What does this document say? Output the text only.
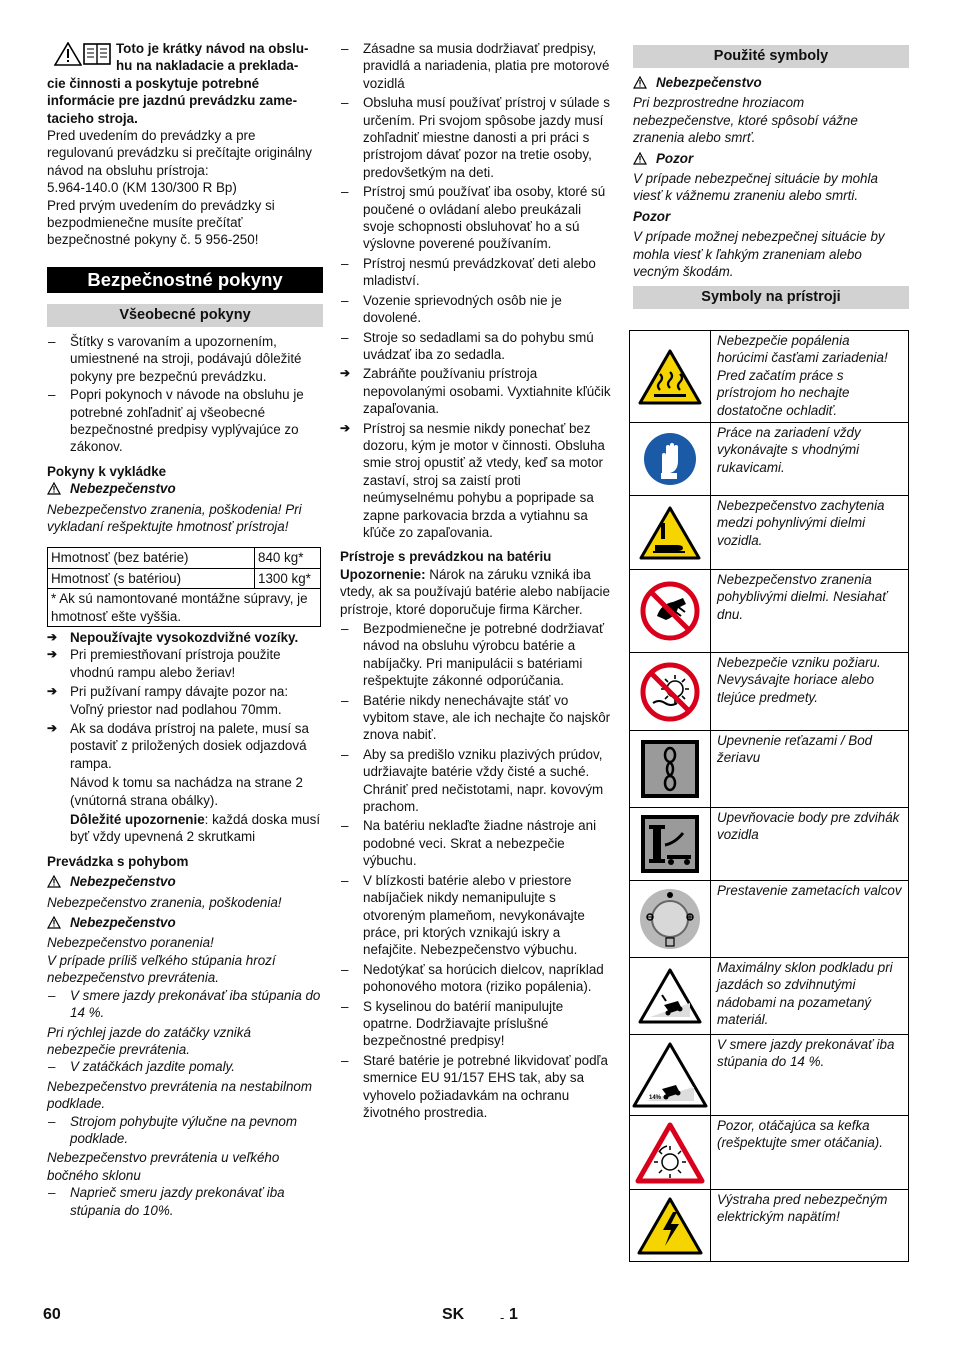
Toto je krátky návod na obslu-

hu na nakladacie a preklada-

cie činnosti a poskytuje potrebné

informácie pre jazdnú prevádzku zame-

tacieho stroja.

Pred uvedením do prevádzky a pre regulovanú prevádzku si prečítajte originálny návod na obsluhu prístroja:

5.964-140.0 (KM 130/300 R Bp)

Pred prvým uvedením do prevádzky si bezpodmienečne musíte prečítať bezpečnostné pokyny č. 5 956-250!

Bezpečnostné pokyny
Všeobecné pokyny
– Štítky s varovaním a upozornením, umiestnené na stroji, podávajú dôležité pokyny pre bezpečnú prevádzku.
– Popri pokynoch v návode na obsluhu je potrebné zohľadniť aj všeobecné bezpečnostné predpisy vyplývajúce zo zákonov.

Pokyny k vykládke

Nebezpečenstvo

Nebezpečenstvo zranenia, poškodenia! Pri vykladaní rešpektujte hmotnosť prístroja!

Hmotnosť (bez batérie)	840 kg*
Hmotnosť (s batériou)	1300 kg*
* Ak sú namontované montážne súpravy, je hmotnosť ešte vyššia.	
➔ Nepoužívajte vysokozdvižné vozíky.
➔ Pri premiestňovaní prístroja použite vhodnú rampu alebo žeriav!
➔ Pri pužívaní rampy dávajte pozor na: Voľný priestor nad podlahou 70mm.
➔ Ak sa dodáva prístroj na palete, musí sa postaviť z priložených dosiek odjazdová rampa.

Návod k tomu sa nachádza na strane 2 (vnútorná strana obálky).

Dôležité upozornenie: každá doska musí byť vždy upevnená 2 skrutkami

Prevádzka s pohybom

Nebezpečenstvo

Nebezpečenstvo zranenia, poškodenia!

Nebezpečenstvo

Nebezpečenstvo poranenia!

V prípade príliš veľkého stúpania hrozí nebezpečenstvo prevrátenia.

– V smere jazdy prekonávať iba stúpania do 14 %.

Pri rýchlej jazde do zatáčky vzniká nebezpečie prevrátenia.

– V zatáčkách jazdite pomaly.

Nebezpečenstvo prevrátenia na nestabilnom podklade.

– Strojom pohybujte výlučne na pevnom podklade.

Nebezpečenstvo prevrátenia u veľkého bočného sklonu

– Naprieč smeru jazdy prekonávať iba stúpania do 10%.
– Zásadne sa musia dodržiavať predpisy, pravidlá a nariadenia, platia pre motorové vozidlá
– Obsluha musí používať prístroj v súlade s určením. Pri svojom spôsobe jazdy musí zohľadniť miestne danosti a pri práci s prístrojom dávať pozor na tretie osoby, predovšetkým na deti.
– Prístroj smú používať iba osoby, ktoré sú poučené o ovládaní alebo preukázali svoje schopnosti obsluhovať ho a sú výslovne poverené používaním.
– Prístroj nesmú prevádzkovať deti alebo mladiství.
– Vozenie sprievodných osôb nie je dovolené.
– Stroje so sedadlami sa do pohybu smú uvádzať iba zo sedadla.
➔ Zabráňte používaniu prístroja nepovolanými osobami. Vyxtiahnite kľúčik zapaľovania.
➔ Prístroj sa nesmie nikdy ponechať bez dozoru, kým je motor v činnosti. Obsluha smie stroj opustiť až vtedy, keď sa motor zastaví, stroj sa zaistí proti neúmyselnému pohybu a popripade sa zapne parkovacia brzda a vytiahnu sa kľúče zo zapaľovania.

Prístroje s prevádzkou na batériu

Upozornenie: Nárok na záruku vzniká iba vtedy, ak sa používajú batérie alebo nabíjacie prístroje, ktoré doporučuje firma Kärcher.

– Bezpodmienečne je potrebné dodržiavať návod na obsluhu výrobcu batérie a nabíjačky. Pri manipulácii s batériami rešpektujte zákonné odporúčania.
– Batérie nikdy nenechávajte stáť vo vybitom stave, ale ich nechajte čo najskôr znova nabiť.
– Aby sa predišlo vzniku plazivých prúdov, udržiavajte batérie vždy čisté a suché. Chrániť pred nečistotami, napr. kovovým prachom.
– Na batériu neklaďte žiadne nástroje ani podobné veci. Skrat a nebezpečie výbuchu.
– V blízkosti batérie alebo v priestore nabíjačiek nikdy nemanipulujte s otvoreným plameňom, nevykonávajte práce, pri ktorých vznikajú iskry a nefajčite. Nebezpečenstvo výbuchu.
– Nedotýkať sa horúcich dielcov, napríklad pohonového motora (riziko popálenia).
– S kyselinou do batérií manipulujte opatrne. Dodržiavajte príslušné bezpečnostné predpisy!
– Staré batérie je potrebné likvidovať podľa smernice EU 91/157 EHS tak, aby sa vyhovelo požiadavkám na ochranu životného prostredia.
Použité symboly
Nebezpečenstvo

Pri bezprostredne hroziacom nebezpečenstve, ktoré spôsobí vážne zranenia alebo smrť.

Pozor

V prípade nebezpečnej situácie by mohla viesť k vážnemu zraneniu alebo smrti.

Pozor

V prípade možnej nebezpečnej situácie by mohla viesť k ľahkým zraneniam alebo vecným škodám.

Symboly na prístroji
Nebezpečie popálenia horúcimi časťami zariadenia! Pred začatím práce s prístrojom ho nechajte dostatočne ochladiť.
Práce na zariadení vždy vykonávajte s vhodnými rukavicami.
Nebezpečenstvo zachytenia medzi pohynlivými dielmi vozidla.
Nebezpečenstvo zranenia pohyblivými dielmi. Nesiahať dnu.
Nebezpečie vzniku požiaru. Nevysávajte horiace alebo tlejúce predmety.
Upevnenie reťazami / Bod žeriavu
Upevňovacie body pre zdvihák vozidla
Prestavenie zametacích valcov
Maximálny sklon podkladu pri jazdách so zdvihnutými nádobami na pozametaný materiál.
14%
V smere jazdy prekonávať iba stúpania do 14 %.
Pozor, otáčajúca sa kefka (rešpektujte smer otáčania).
Výstraha pred nebezpečným elektrickým napätím!
60	SK	- 1
